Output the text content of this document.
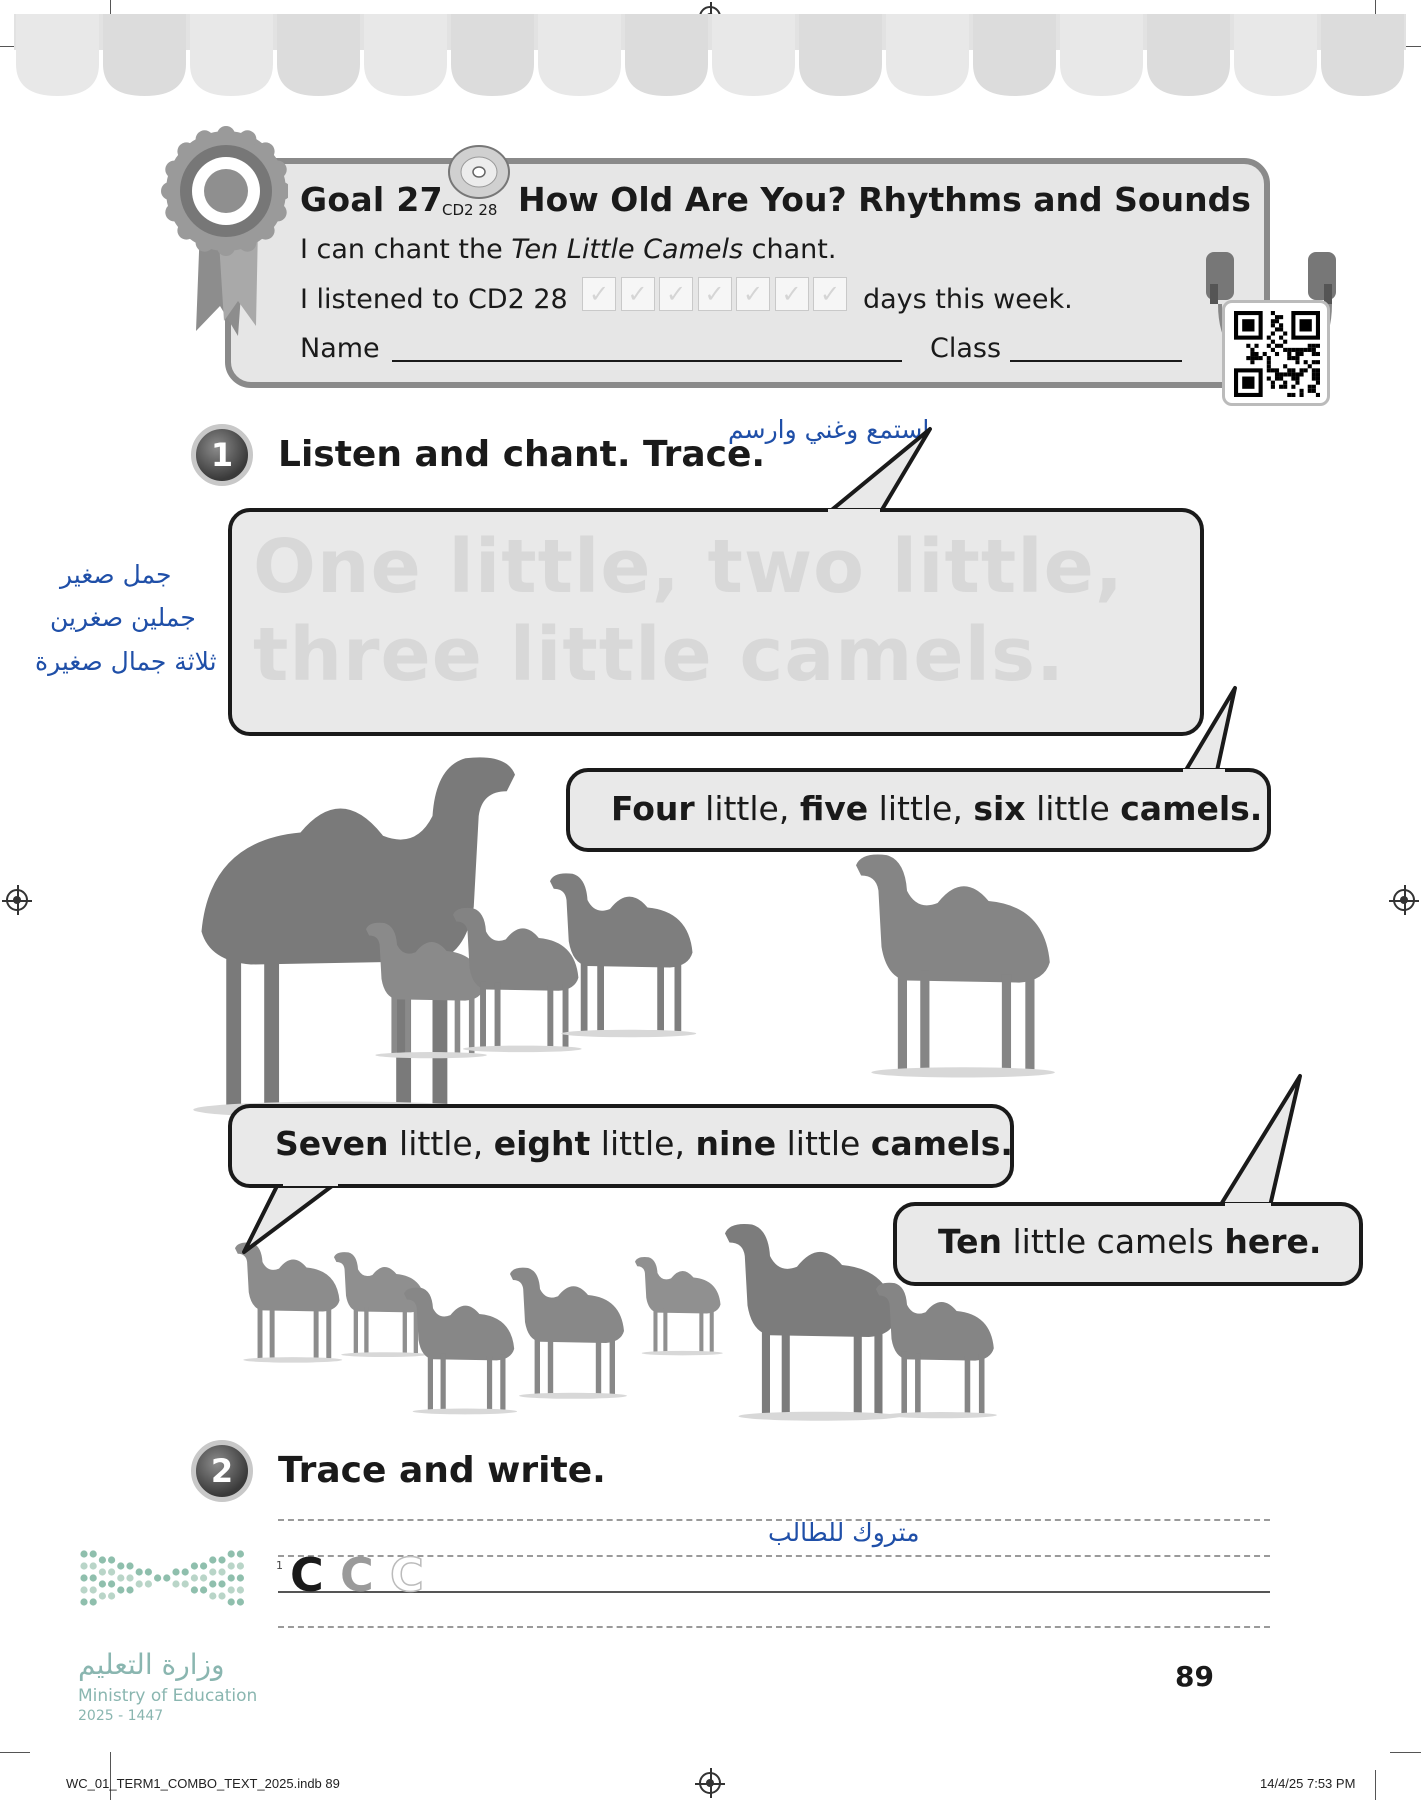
Goal 27 CD2 28 How Old Are You? Rhythms and Sounds
I can chant the Ten Little Camels chant.
I listened to CD2 28 ✓ ✓ ✓ ✓ ✓ ✓ ✓ days this week.
Name	Class
1	Listen and chant. Trace.
استمع وغني وارسم
جمل صغير
جملين صغرين
ثلاثة جمال صغيرة
One little, two little,
three little camels.
Four little, five little, six little camels.
Seven little, eight little, nine little camels.
Ten little camels here.
2	Trace and write.
متروك للطالب
1 C C C
وزارة التعليم
Ministry of Education
2025 - 1447
89
WC_01_TERM1_COMBO_TEXT_2025.indb 89	14/4/25 7:53 PM
